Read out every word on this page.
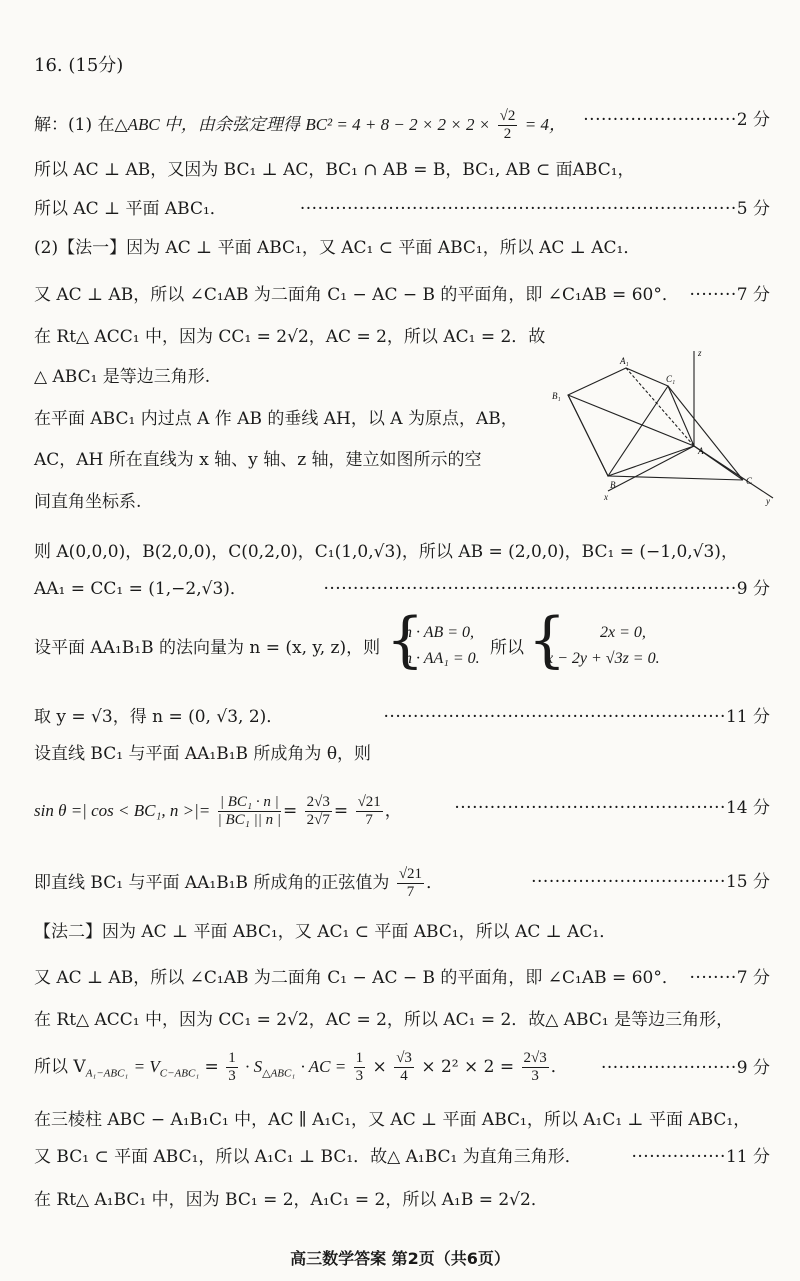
16. (15分)
解：(1) 在△ABC 中，由余弦定理得 $BC^2 = 4 + 8 - 2 \times 2 \times 2 \times \frac{√2}{2} = 4$， ··························2 分
所以 AC ⊥ AB，又因为 BC₁ ⊥ AC，BC₁ ∩ AB = B，BC₁, AB ⊂ 面ABC₁，
所以 AC ⊥ 平面 ABC₁．	··········································································5 分
(2)【法一】因为 AC ⊥ 平面 ABC₁，又 AC₁ ⊂ 平面 ABC₁，所以 AC ⊥ AC₁．
又 AC ⊥ AB，所以 ∠C₁AB 为二面角 C₁ − AC − B 的平面角，即 ∠C₁AB = 60°． ········7 分
在 Rt△ ACC₁ 中，因为 CC₁ = 2√2，AC = 2，所以 AC₁ = 2．故
△ ABC₁ 是等边三角形.
在平面 ABC₁ 内过点 A 作 AB 的垂线 AH，以 A 为原点，AB，
AC，AH 所在直线为 x 轴、y 轴、z 轴，建立如图所示的空
间直角坐标系.
A₁
B₁
C₁
A
B	C
x	y
z
则 A(0,0,0)，B(2,0,0)，C(0,2,0)，C₁(1,0,√3)，所以 AB = (2,0,0)，BC₁ = (−1,0,√3)，
AA₁ = CC₁ = (1,−2,√3)．	······································································9 分
设平面 AA₁B₁B 的法向量为 n = (x, y, z)，则 {
n · AB = 0,
n · AA₁ = 0.
所以 { 2x = 0,
x − 2y + √3z = 0.
取 y = √3，得 n = (0, √3, 2)．	··························································11 分
设直线 BC₁ 与平面 AA₁B₁B 所成角为 θ，则
sin θ =| cos < BC₁, n >|= $\frac{\text{| BC₁ · n |}}{\text{| BC₁ || n |}} = \frac{2√3}{2√7} = \frac{√21}{7}$ ，	··············································14 分
即直线 BC₁ 与平面 AA₁B₁B 所成角的正弦值为 $\frac{√21}{7}$ ．	·································15 分
【法二】因为 AC ⊥ 平面 ABC₁，又 AC₁ ⊂ 平面 ABC₁，所以 AC ⊥ AC₁．
又 AC ⊥ AB，所以 ∠C₁AB 为二面角 C₁ − AC − B 的平面角，即 ∠C₁AB = 60°． ········7 分
在 Rt△ ACC₁ 中，因为 CC₁ = 2√2，AC = 2，所以 AC₁ = 2．故△ ABC₁ 是等边三角形，
所以 $V_{A_1-ABC_1} = V_{C-ABC_1} = \frac{1}{3} \cdot S_{\triangle ABC_1}$ · AC = $\frac{1}{3} \times \frac{√3}{4} \times 2^2 \times 2 = \frac{2√3}{3}$ ． ·······················9 分
在三棱柱 ABC − A₁B₁C₁ 中，AC ∥ A₁C₁，又 AC ⊥ 平面 ABC₁，所以 A₁C₁ ⊥ 平面 ABC₁，
又 BC₁ ⊂ 平面 ABC₁，所以 A₁C₁ ⊥ BC₁．故△ A₁BC₁ 为直角三角形．	················11 分
在 Rt△ A₁BC₁ 中，因为 BC₁ = 2，A₁C₁ = 2，所以 A₁B = 2√2．
高三数学答案 第2页（共6页）
